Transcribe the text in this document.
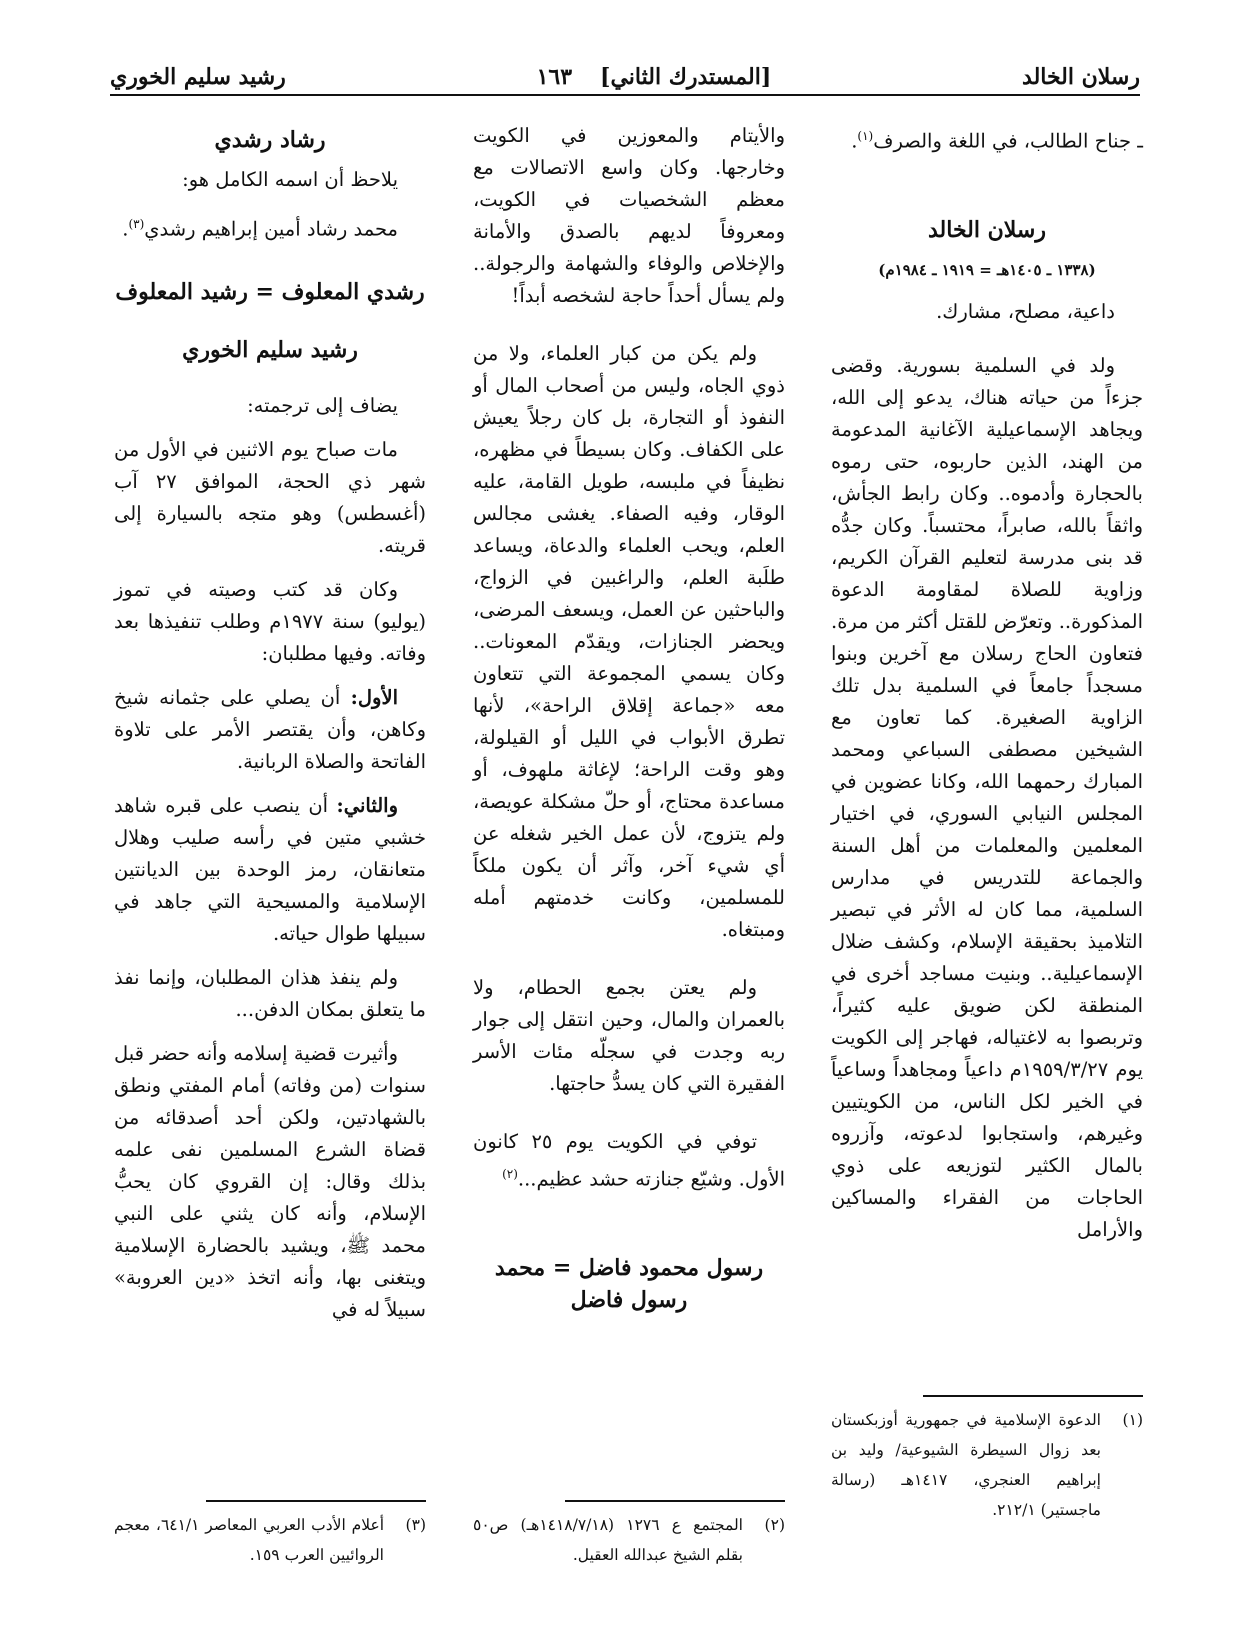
رسلان الخالد
[المستدرك الثاني]
١٦٣
رشيد سليم الخوري

ـ جناح الطالب، في اللغة والصرف$^{(١)}$.

رسلان الخالد
(١٣٣٨ ـ ١٤٠٥هـ = ١٩١٩ ـ ١٩٨٤م)

داعية، مصلح، مشارك.

ولد في السلمية بسورية. وقضى جزءاً من حياته هناك، يدعو إلى الله، ويجاهد الإسماعيلية الآغانية المدعومة من الهند، الذين حاربوه، حتى رموه بالحجارة وأدموه.. وكان رابط الجأش، واثقاً بالله، صابراً، محتسباً. وكان جدُّه قد بنى مدرسة لتعليم القرآن الكريم، وزاوية للصلاة لمقاومة الدعوة المذكورة.. وتعرّض للقتل أكثر من مرة. فتعاون الحاج رسلان مع آخرين وبنوا مسجداً جامعاً في السلمية بدل تلك الزاوية الصغيرة. كما تعاون مع الشيخين مصطفى السباعي ومحمد المبارك رحمهما الله، وكانا عضوين في المجلس النيابي السوري، في اختيار المعلمين والمعلمات من أهل السنة والجماعة للتدريس في مدارس السلمية، مما كان له الأثر في تبصير التلاميذ بحقيقة الإسلام، وكشف ضلال الإسماعيلية.. وبنيت مساجد أخرى في المنطقة لكن ضويق عليه كثيراً، وتربصوا به لاغتياله، فهاجر إلى الكويت يوم ١٩٥٩/٣/٢٧م داعياً ومجاهداً وساعياً في الخير لكل الناس، من الكويتيين وغيرهم، واستجابوا لدعوته، وآزروه بالمال الكثير لتوزيعه على ذوي الحاجات من الفقراء والمساكين والأرامل

والأيتام والمعوزين في الكويت وخارجها. وكان واسع الاتصالات مع معظم الشخصيات في الكويت، ومعروفاً لديهم بالصدق والأمانة والإخلاص والوفاء والشهامة والرجولة.. ولم يسأل أحداً حاجة لشخصه أبداً!

ولم يكن من كبار العلماء، ولا من ذوي الجاه، وليس من أصحاب المال أو النفوذ أو التجارة، بل كان رجلاً يعيش على الكفاف. وكان بسيطاً في مظهره، نظيفاً في ملبسه، طويل القامة، عليه الوقار، وفيه الصفاء. يغشى مجالس العلم، ويحب العلماء والدعاة، ويساعد طلَبة العلم، والراغبين في الزواج، والباحثين عن العمل، ويسعف المرضى، ويحضر الجنازات، ويقدّم المعونات.. وكان يسمي المجموعة التي تتعاون معه «جماعة إقلاق الراحة»، لأنها تطرق الأبواب في الليل أو القيلولة، وهو وقت الراحة؛ لإغاثة ملهوف، أو مساعدة محتاج، أو حلّ مشكلة عويصة، ولم يتزوج، لأن عمل الخير شغله عن أي شيء آخر، وآثر أن يكون ملكاً للمسلمين، وكانت خدمتهم أمله ومبتغاه.

ولم يعتن بجمع الحطام، ولا بالعمران والمال، وحين انتقل إلى جوار ربه وجدت في سجلّه مئات الأسر الفقيرة التي كان يسدُّ حاجتها.

توفي في الكويت يوم ٢٥ كانون الأول. وشيّع جنازته حشد عظيم...$^{(٢)}$

رسول محمود فاضل = محمد رسول فاضل
رشاد رشدي

يلاحظ أن اسمه الكامل هو:

محمد رشاد أمين إبراهيم رشدي$^{(٣)}$.

رشدي المعلوف = رشيد المعلوف
رشيد سليم الخوري

يضاف إلى ترجمته:

مات صباح يوم الاثنين في الأول من شهر ذي الحجة، الموافق ٢٧ آب (أغسطس) وهو متجه بالسيارة إلى قريته.

وكان قد كتب وصيته في تموز (يوليو) سنة ١٩٧٧م وطلب تنفيذها بعد وفاته. وفيها مطلبان:

الأول: أن يصلي على جثمانه شيخ وكاهن، وأن يقتصر الأمر على تلاوة الفاتحة والصلاة الربانية.

والثاني: أن ينصب على قبره شاهد خشبي متين في رأسه صليب وهلال متعانقان، رمز الوحدة بين الديانتين الإسلامية والمسيحية التي جاهد في سبيلها طوال حياته.

ولم ينفذ هذان المطلبان، وإنما نفذ ما يتعلق بمكان الدفن...

وأثيرت قضية إسلامه وأنه حضر قبل سنوات (من وفاته) أمام المفتي ونطق بالشهادتين، ولكن أحد أصدقائه من قضاة الشرع المسلمين نفى علمه بذلك وقال: إن القروي كان يحبُّ الإسلام، وأنه كان يثني على النبي محمد ﷺ، ويشيد بالحضارة الإسلامية ويتغنى بها، وأنه اتخذ «دين العروبة» سبيلاً له في

(١)
الدعوة الإسلامية في جمهورية أوزبكستان بعد زوال السيطرة الشيوعية/ وليد بن إبراهيم العنجري، ١٤١٧هـ (رسالة ماجستير) ٢١٢/١.

(٢)
المجتمع ع ١٢٧٦ (١٤١٨/٧/١٨هـ) ص٥٠ بقلم الشيخ عبدالله العقيل.

(٣)
أعلام الأدب العربي المعاصر ٦٤١/١، معجم الروائيين العرب ١٥٩.
